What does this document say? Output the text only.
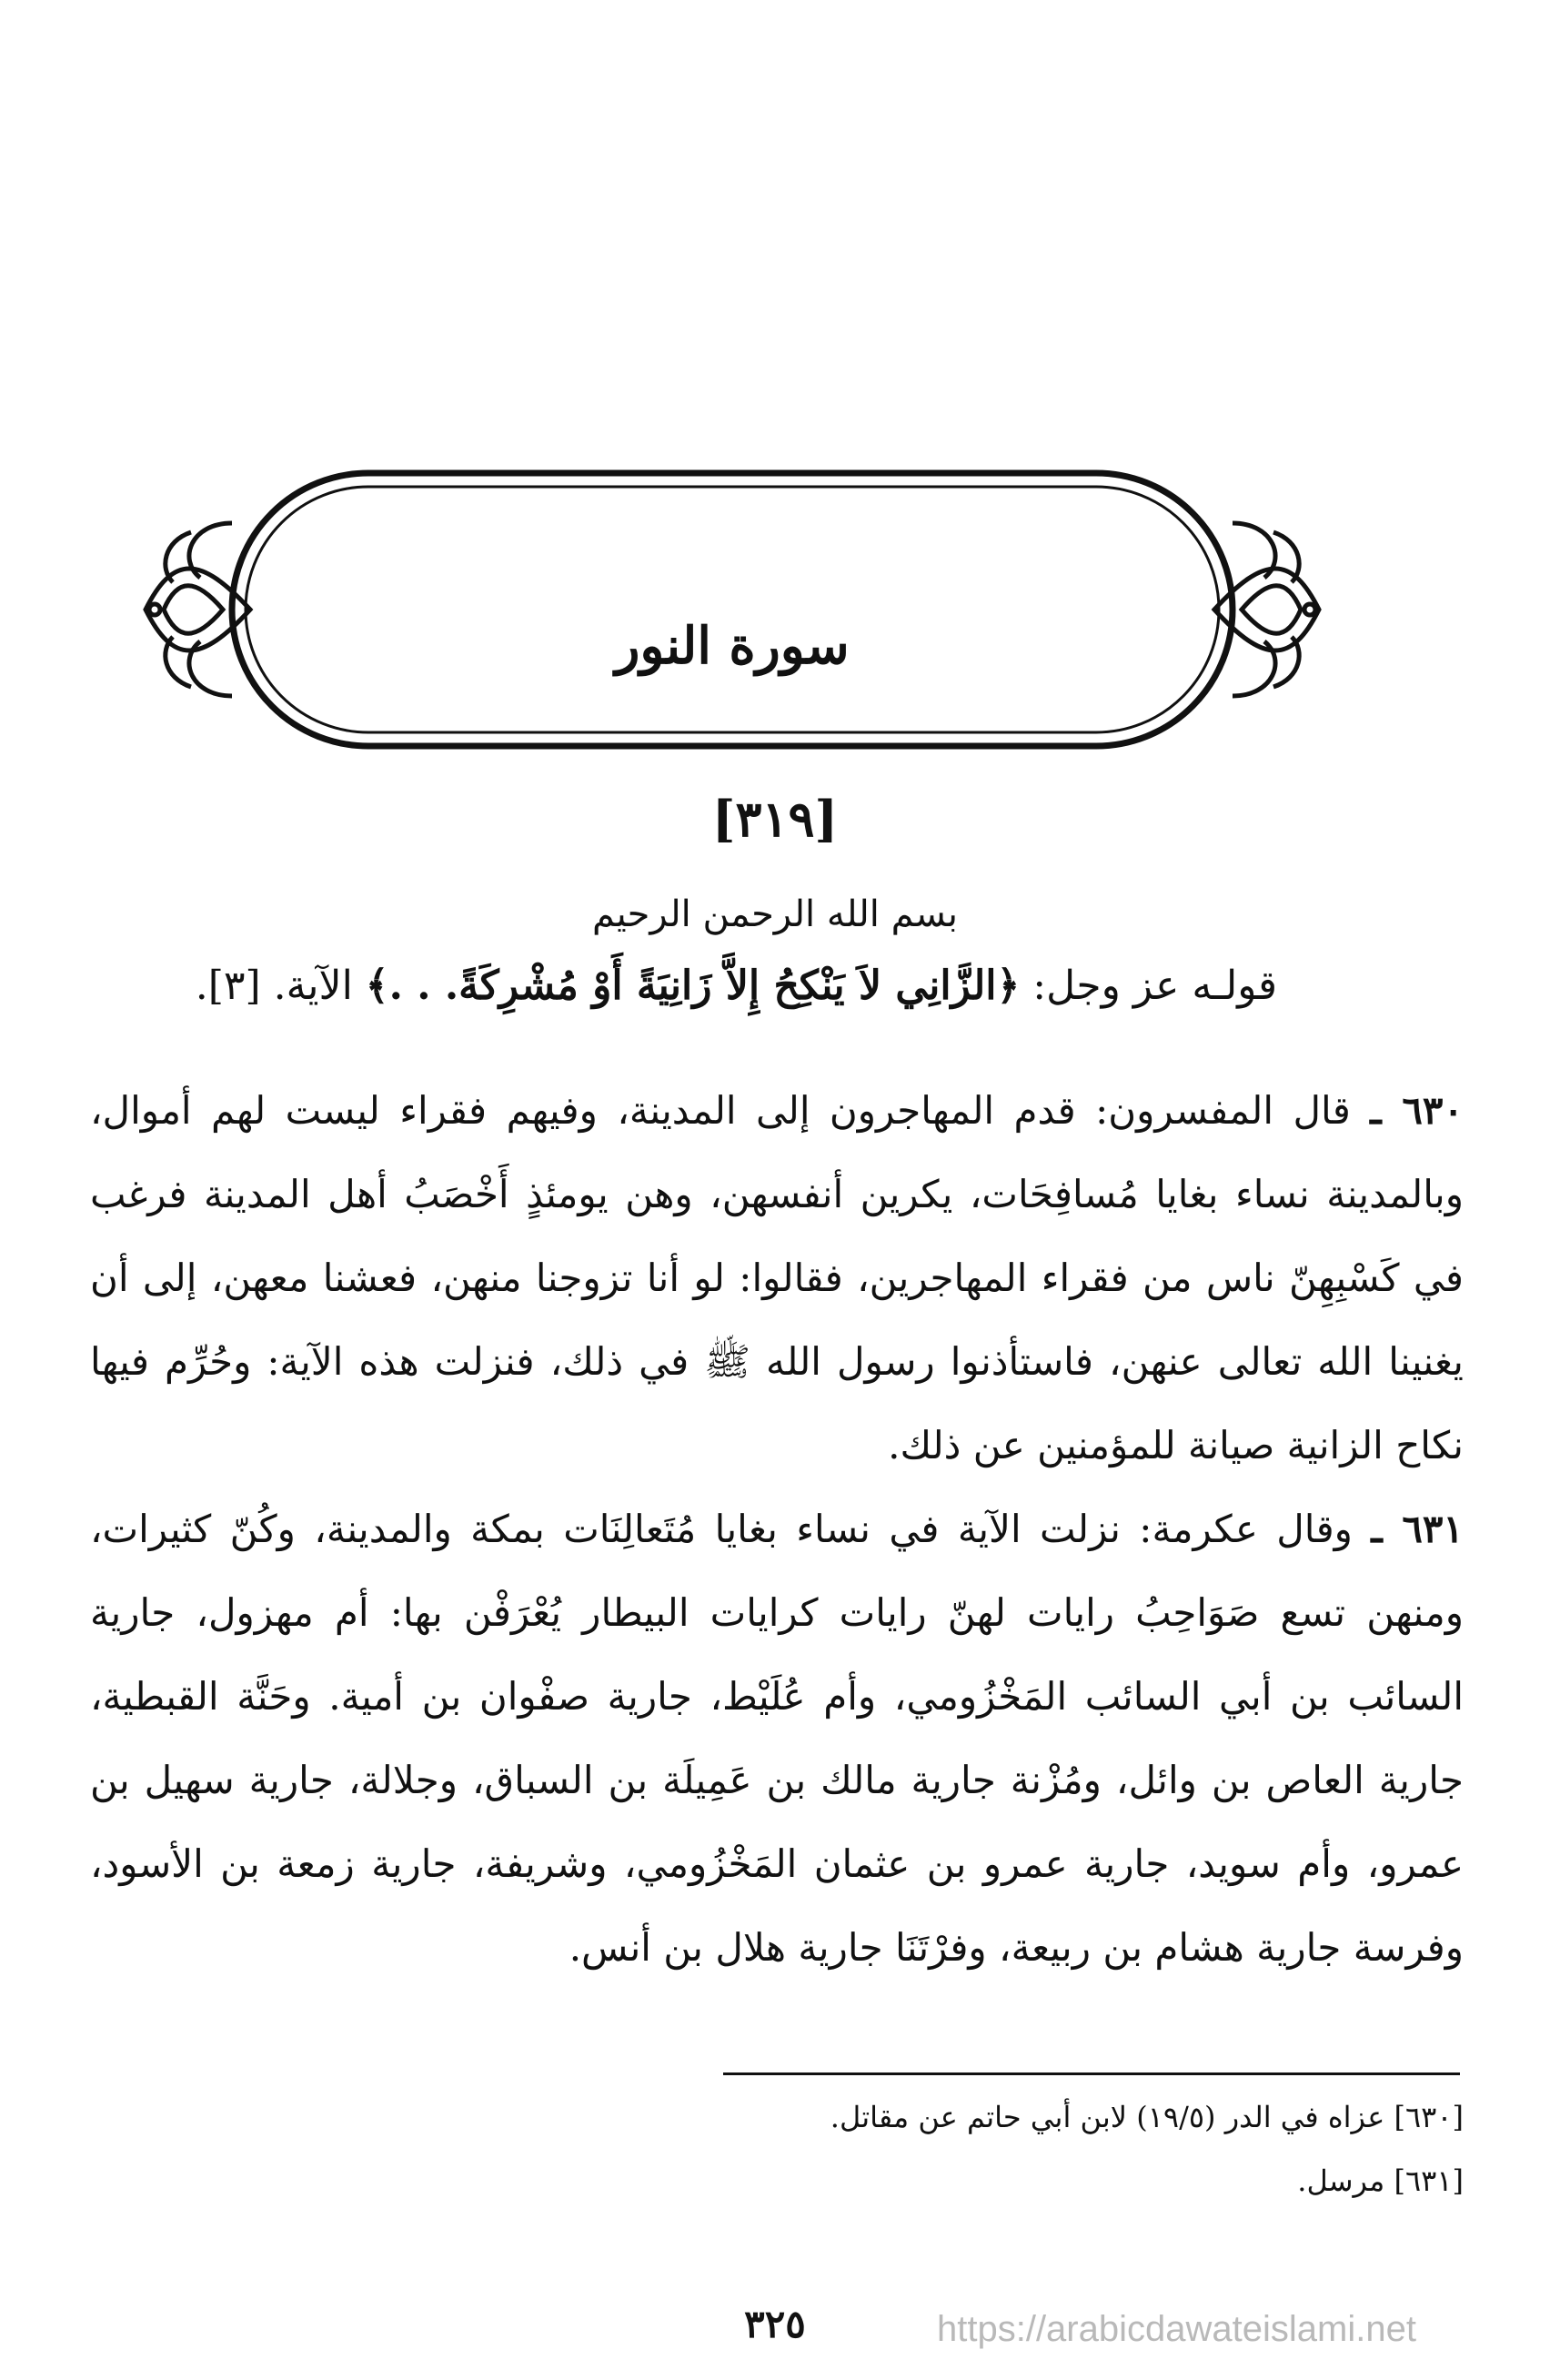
سورة النور
[٣١٩]
بسم الله الرحمن الرحيم
قولـه عز وجل: ﴿الزَّانِي لاَ يَنْكِحُ إِلاَّ زَانِيَةً أَوْ مُشْرِكَةً. . .﴾ الآية. [٣].
٦٣٠ ـ قال المفسرون: قدم المهاجرون إلى المدينة، وفيهم فقراء ليست لهم أموال، وبالمدينة نساء بغايا مُسافِحَات، يكرين أنفسهن، وهن يومئذٍ أَخْصَبُ أهل المدينة فرغب في كَسْبِهِنّ ناس من فقراء المهاجرين، فقالوا: لو أنا تزوجنا منهن، فعشنا معهن، إلى أن يغنينا الله تعالى عنهن، فاستأذنوا رسول الله ﷺ في ذلك، فنزلت هذه الآية: وحُرِّم فيها نكاح الزانية صيانة للمؤمنين عن ذلك.
٦٣١ ـ وقال عكرمة: نزلت الآية في نساء بغايا مُتَعالِنَات بمكة والمدينة، وكُنّ كثيرات، ومنهن تسع صَوَاحِبُ رايات لهنّ رايات كرايات البيطار يُعْرَفْن بها: أم مهزول، جارية السائب بن أبي السائب المَخْزُومي، وأم عُلَيْط، جارية صفْوان بن أمية. وحَنَّة القبطية، جارية العاص بن وائل، ومُزْنة جارية مالك بن عَمِيلَة بن السباق، وجلالة، جارية سهيل بن عمرو، وأم سويد، جارية عمرو بن عثمان المَخْزُومي، وشريفة، جارية زمعة بن الأسود، وفرسة جارية هشام بن ربيعة، وفرْتَنَا جارية هلال بن أنس.
[٦٣٠] عزاه في الدر (١٩/٥) لابن أبي حاتم عن مقاتل.
[٦٣١] مرسل.
٣٢٥	https://arabicdawateislami.net
